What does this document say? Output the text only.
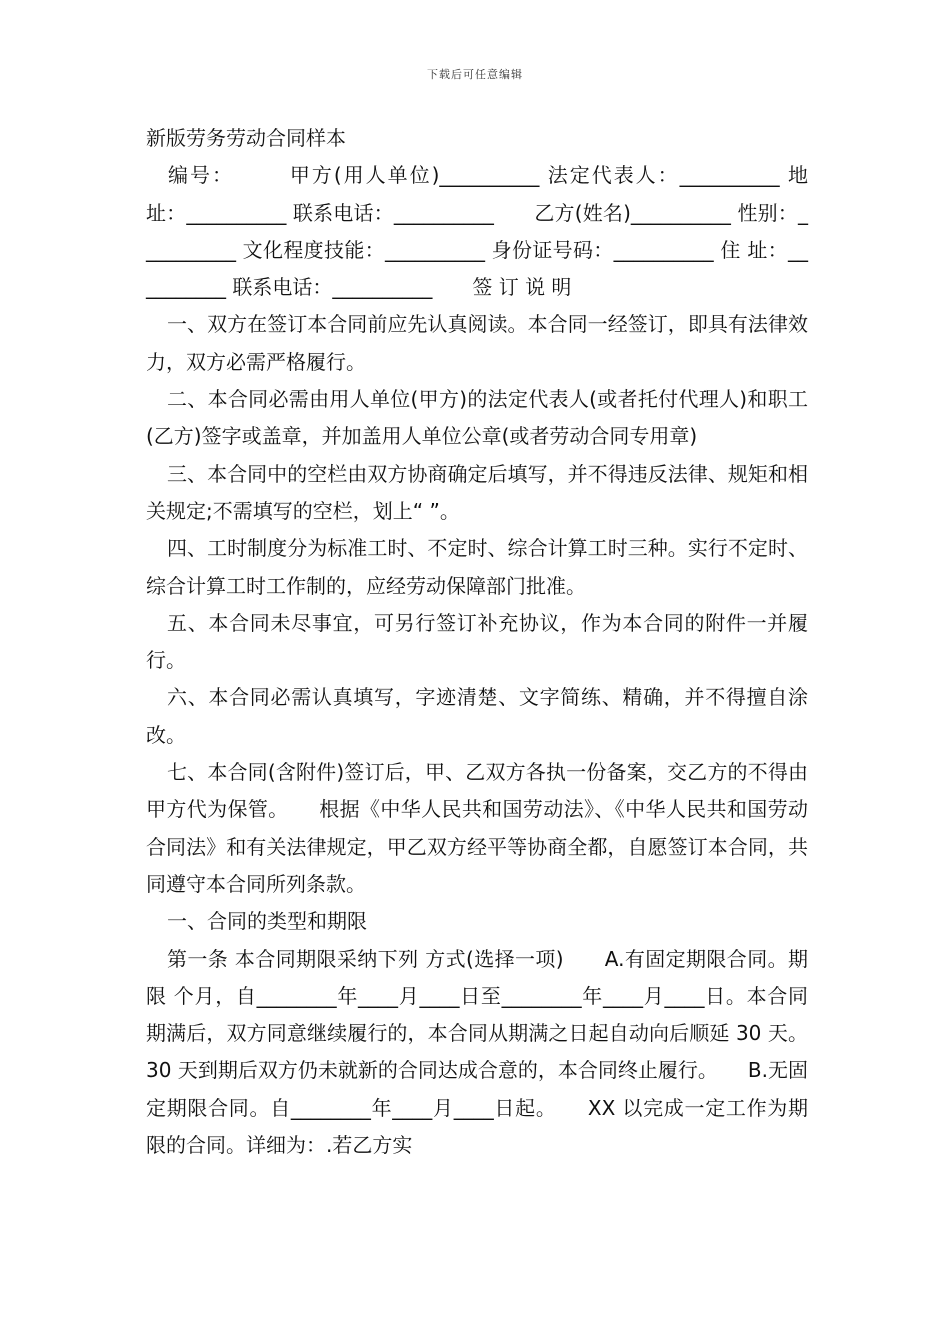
下载后可任意编辑

新版劳务劳动合同样本

　编号：　　　甲方(用人单位)__________ 法定代表人：__________ 地 址：__________ 联系电话：__________　　乙方(姓名)__________ 性别：__________ 文化程度技能：__________ 身份证号码：__________ 住 址：__________ 联系电话：__________　　签 订 说 明

一、双方在签订本合同前应先认真阅读。本合同一经签订，即具有法律效力，双方必需严格履行。

二、本合同必需由用人单位(甲方)的法定代表人(或者托付代理人)和职工(乙方)签字或盖章，并加盖用人单位公章(或者劳动合同专用章)

三、本合同中的空栏由双方协商确定后填写，并不得违反法律、规矩和相关规定;不需填写的空栏，划上“ ”。

四、工时制度分为标准工时、不定时、综合计算工时三种。实行不定时、综合计算工时工作制的，应经劳动保障部门批准。

五、本合同未尽事宜，可另行签订补充协议，作为本合同的附件一并履行。

六、本合同必需认真填写，字迹清楚、文字简练、精确，并不得擅自涂改。

七、本合同(含附件)签订后，甲、乙双方各执一份备案，交乙方的不得由甲方代为保管。　　根据《中华人民共和国劳动法》、《中华人民共和国劳动合同法》和有关法律规定，甲乙双方经平等协商全都，自愿签订本合同，共同遵守本合同所列条款。

一、合同的类型和期限

第一条 本合同期限采纳下列 方式(选择一项)　　A.有固定期限合同。期限 个月，自________年____月____日至________年____月____日。本合同期满后，双方同意继续履行的，本合同从期满之日起自动向后顺延 30 天。30 天到期后双方仍未就新的合同达成合意的，本合同终止履行。　　B.无固定期限合同。自________年____月____日起。　　XX 以完成一定工作为期限的合同。详细为：.若乙方实
